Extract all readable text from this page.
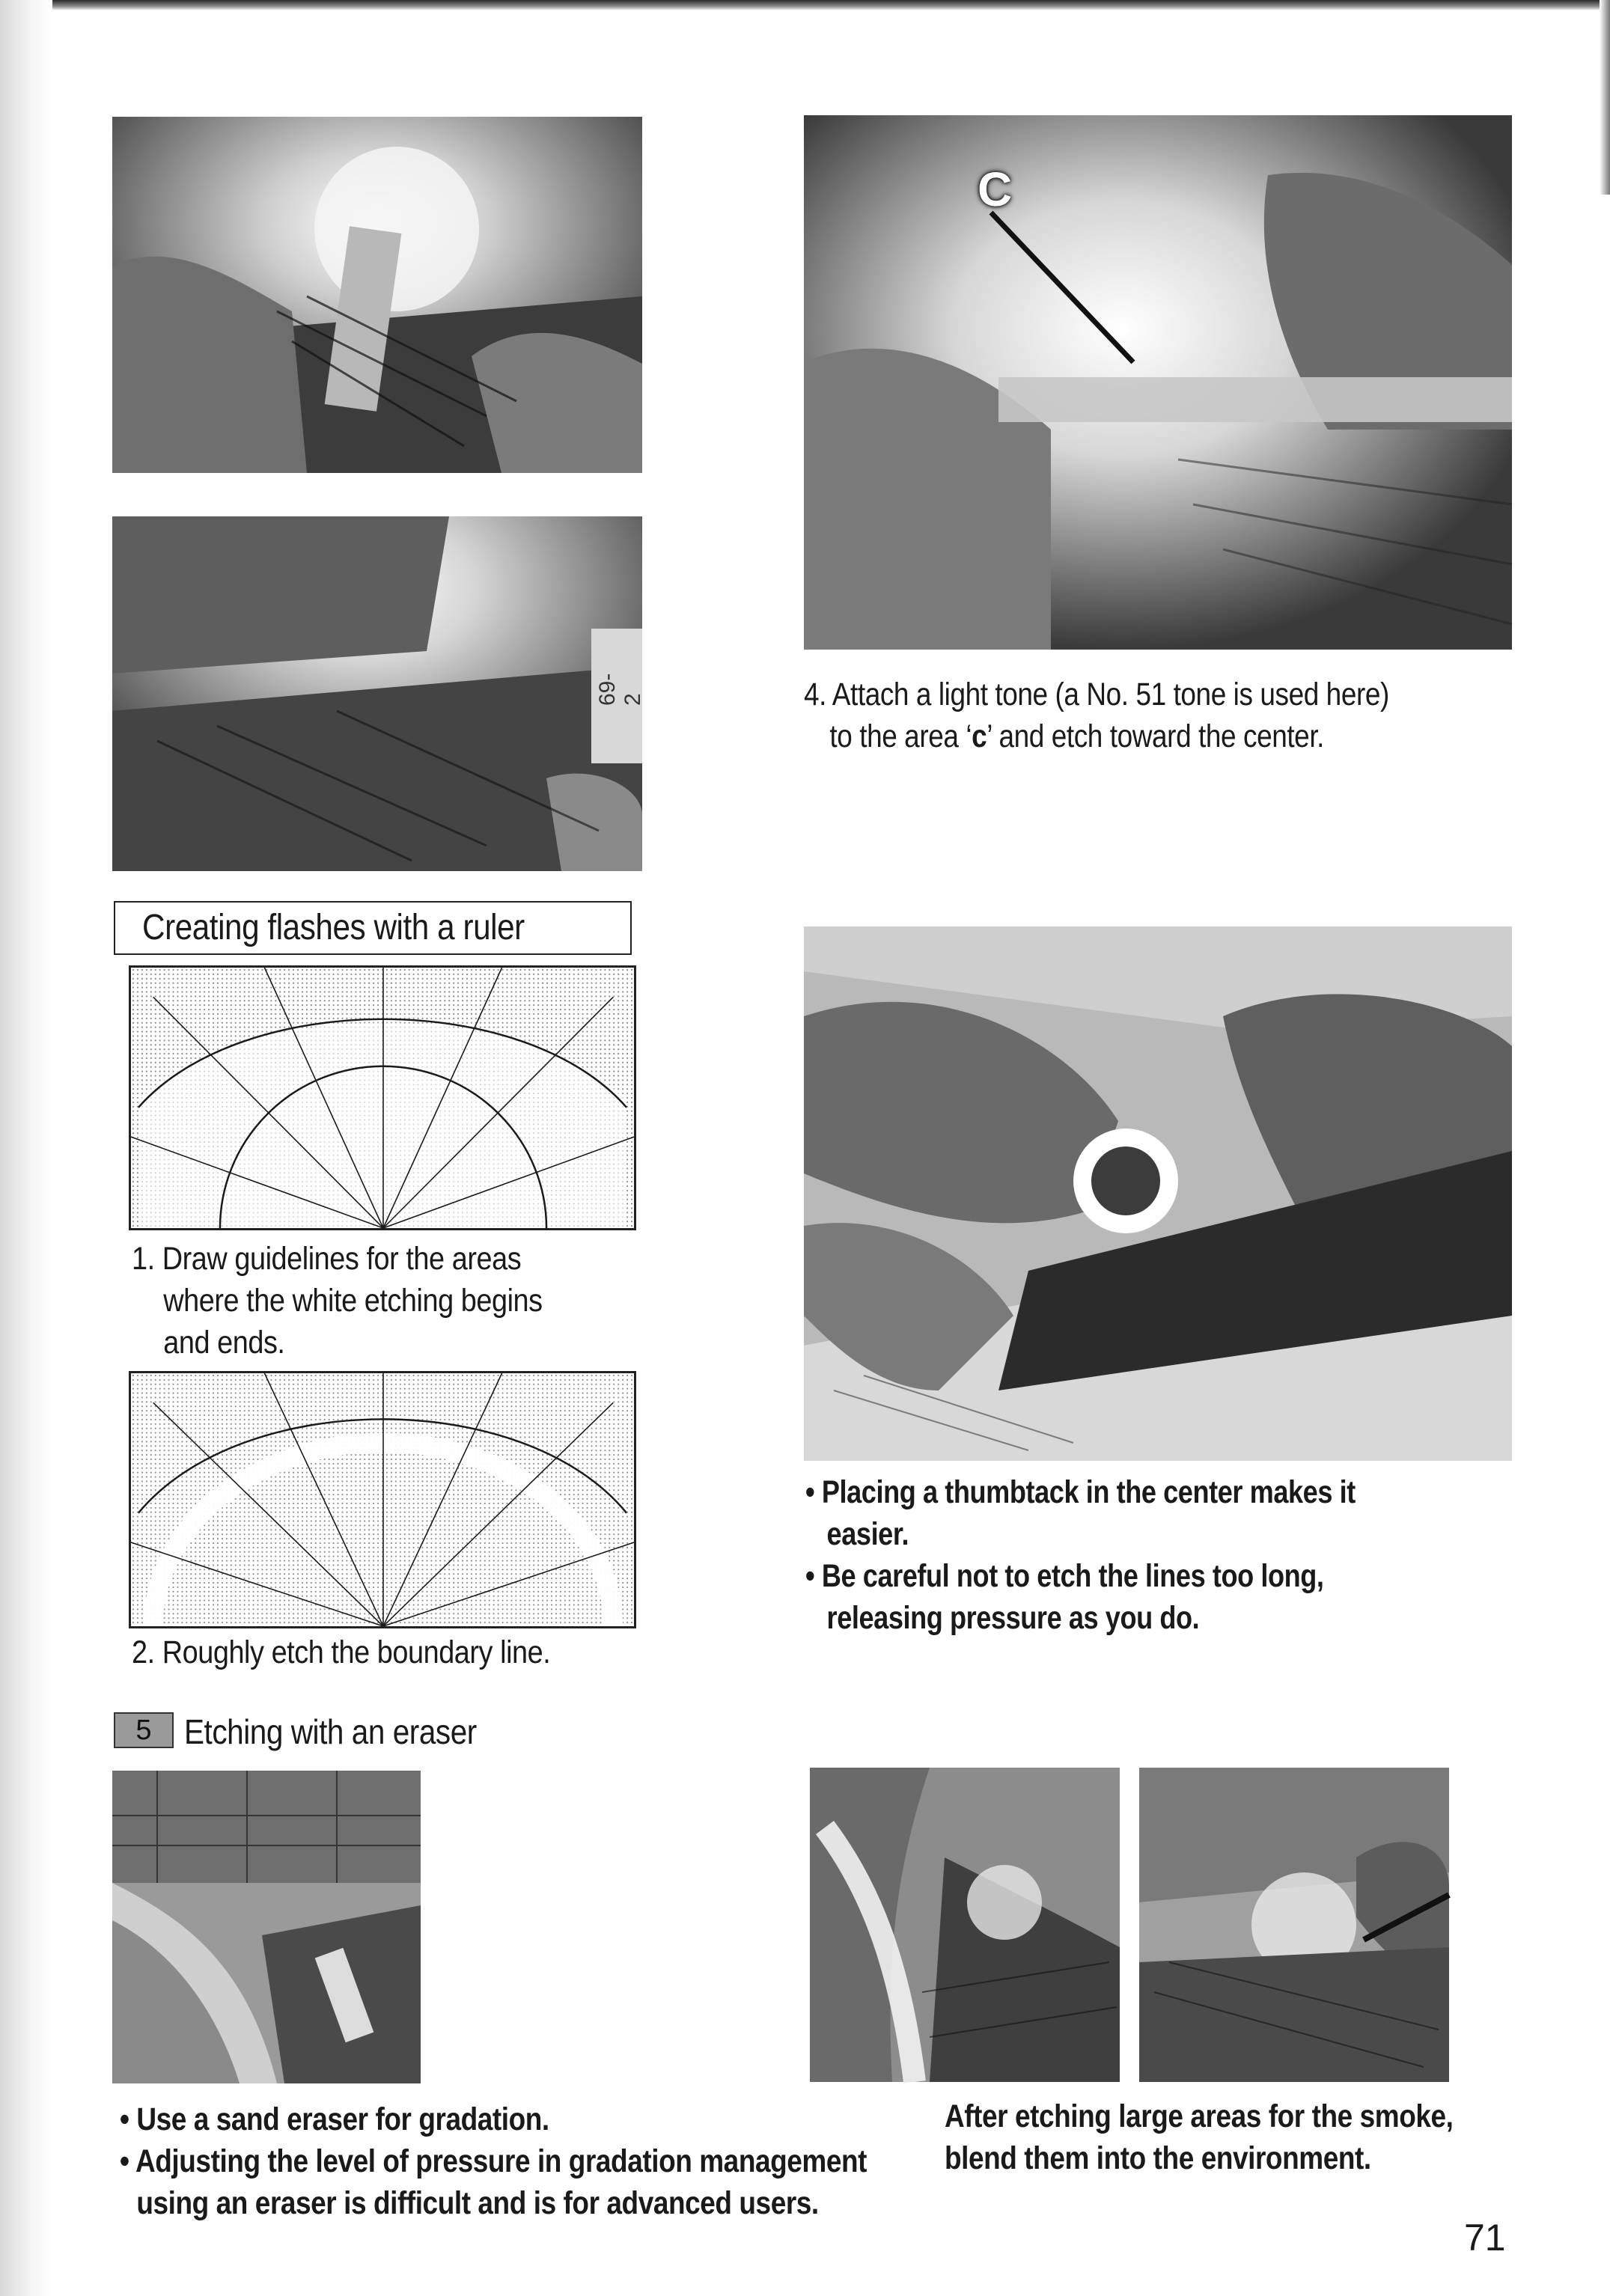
69-2
C

4. Attach a light tone (a No. 51 tone is used here)

to the area ‘c’ and etch toward the center.

Creating flashes with a ruler

1. Draw guidelines for the areas

where the white etching begins

and ends.

2. Roughly etch the boundary line.

• Placing a thumbtack in the center makes it

easier.

• Be careful not to etch the lines too long,

releasing pressure as you do.

5 Etching with an eraser

• Use a sand eraser for gradation.

• Adjusting the level of pressure in gradation management

using an eraser is difficult and is for advanced users.

After etching large areas for the smoke,

blend them into the environment.

71
